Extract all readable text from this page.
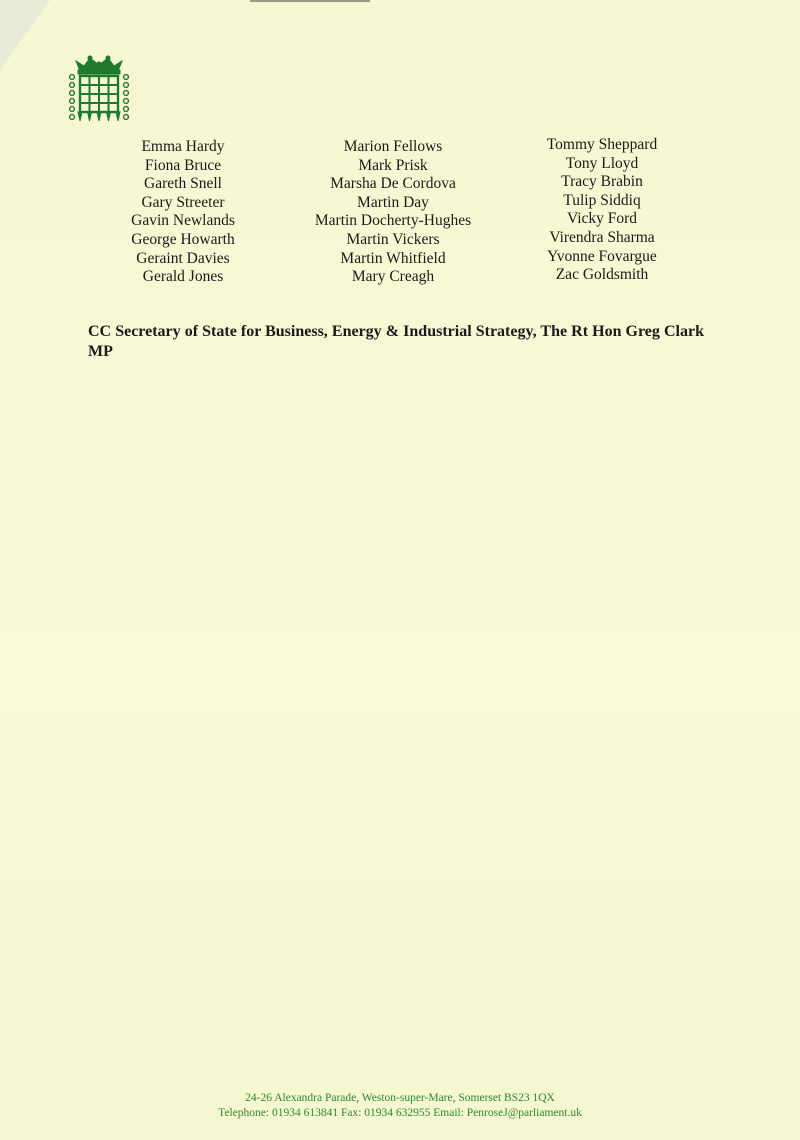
Emma Hardy
Fiona Bruce
Gareth Snell
Gary Streeter
Gavin Newlands
George Howarth
Geraint Davies
Gerald Jones
Marion Fellows
Mark Prisk
Marsha De Cordova
Martin Day
Martin Docherty-Hughes
Martin Vickers
Martin Whitfield
Mary Creagh
Tommy Sheppard
Tony Lloyd
Tracy Brabin
Tulip Siddiq
Vicky Ford
Virendra Sharma
Yvonne Fovargue
Zac Goldsmith
CC Secretary of State for Business, Energy & Industrial Strategy, The Rt Hon Greg Clark MP
24-26 Alexandra Parade, Weston-super-Mare, Somerset BS23 1QX
Telephone: 01934 613841 Fax: 01934 632955 Email: PenroseJ@parliament.uk
